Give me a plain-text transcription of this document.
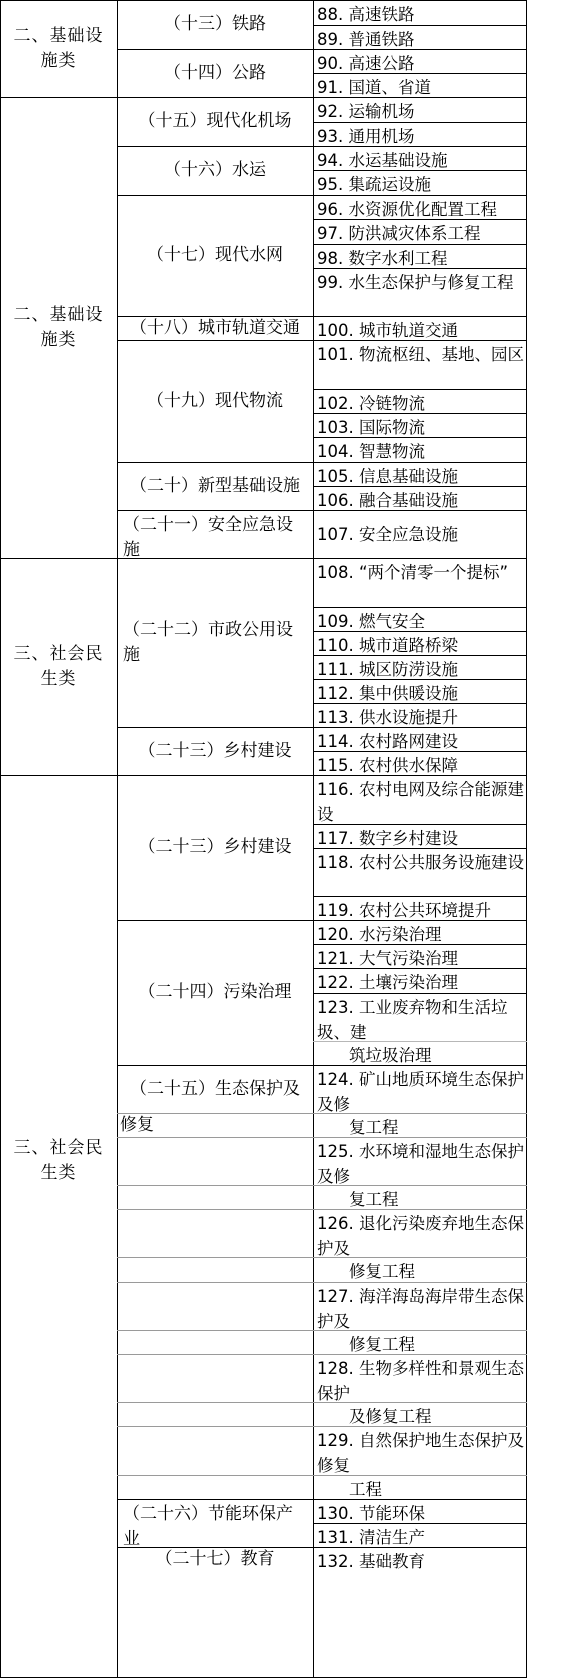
二、基础设
施类
（十三）铁路
（十四）公路
88. 高速铁路
89. 普通铁路
90. 高速公路
91. 国道、省道
二、基础设
施类
（十五）现代化机场
（十六）水运
（十七）现代水网
（十八）城市轨道交通
（十九）现代物流
（二十）新型基础设施
（二十一）安全应急设施
92. 运输机场
93. 通用机场
94. 水运基础设施
95. 集疏运设施
96. 水资源优化配置工程
97. 防洪减灾体系工程
98. 数字水利工程
99. 水生态保护与修复工程
100. 城市轨道交通
101. 物流枢纽、基地、园区
102. 冷链物流
103. 国际物流
104. 智慧物流
105. 信息基础设施
106. 融合基础设施
107. 安全应急设施
三、社会民
生类
（二十二）市政公用设施
（二十三）乡村建设
108. “两个清零一个提标”
109. 燃气安全
110. 城市道路桥梁
111. 城区防涝设施
112. 集中供暖设施
113. 供水设施提升
114. 农村路网建设
115. 农村供水保障
三、社会民
生类
（二十三）乡村建设
（二十四）污染治理
（二十五）生态保护及
修复
（二十六）节能环保产业
（二十七）教育
116. 农村电网及综合能源建设
117. 数字乡村建设
118. 农村公共服务设施建设
119. 农村公共环境提升
120. 水污染治理
121. 大气污染治理
122. 土壤污染治理
123. 工业废弃物和生活垃圾、建
筑垃圾治理
124. 矿山地质环境生态保护及修
复工程
125. 水环境和湿地生态保护及修
复工程
126. 退化污染废弃地生态保护及
修复工程
127. 海洋海岛海岸带生态保护及
修复工程
128. 生物多样性和景观生态保护
及修复工程
129. 自然保护地生态保护及修复
工程
130. 节能环保
131. 清洁生产
132. 基础教育
